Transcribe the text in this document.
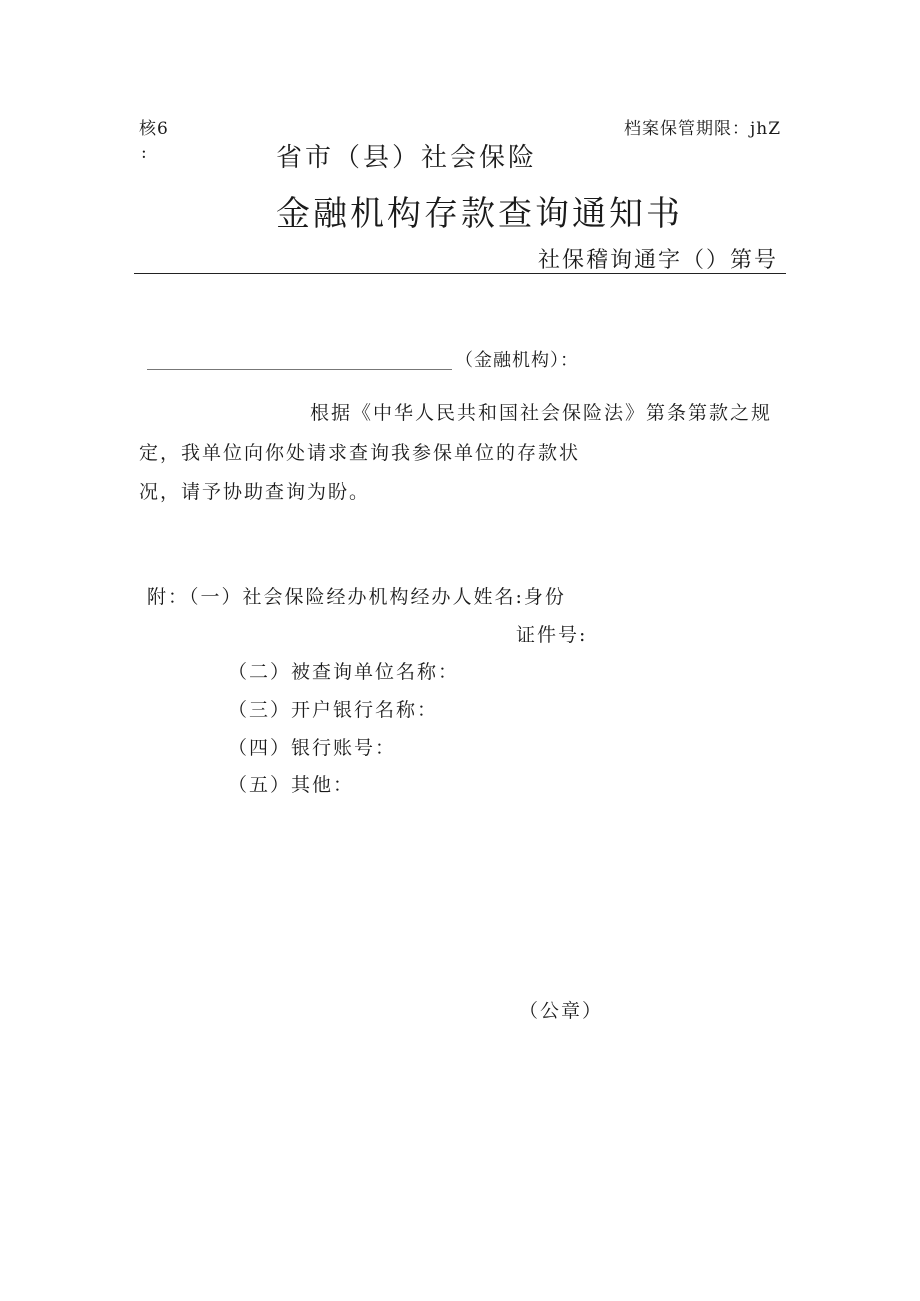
核6
:
档案保管期限：jhZ
省市（县）社会保险
金融机构存款查询通知书
社保稽询通字（）第号
（金融机构）：
根据《中华人民共和国社会保险法》第条第款之规
定，我单位向你处请求查询我参保单位的存款状
况，请予协助查询为盼。
附：（一）社会保险经办机构经办人姓名:身份
证件号:
（二）被查询单位名称：
（三）开户银行名称：
（四）银行账号：
（五）其他：
（公章）
